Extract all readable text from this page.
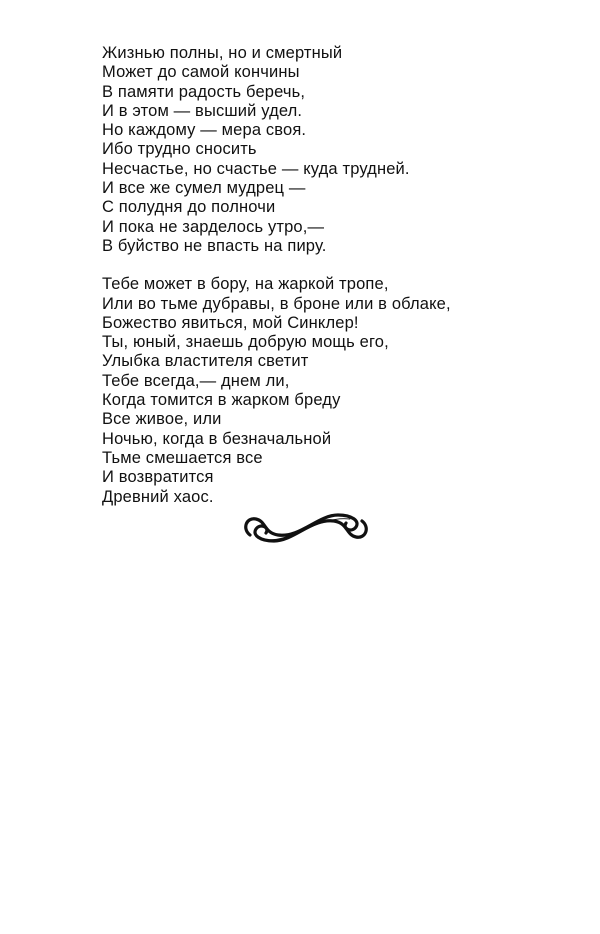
Жизнью полны, но и смертный
Может до самой кончины
В памяти радость беречь,
И в этом — высший удел.
Но каждому — мера своя.
Ибо трудно сносить
Несчастье, но счастье — куда трудней.
И все же сумел мудрец —
С полудня до полночи
И пока не зарделось утро,—
В буйство не впасть на пиру.
Тебе может в бору, на жаркой тропе,
Или во тьме дубравы, в броне или в облаке,
Божество явиться, мой Синклер!
Ты, юный, знаешь добрую мощь его,
Улыбка властителя светит
Тебе всегда,— днем ли,
Когда томится в жарком бреду
Все живое, или
Ночью, когда в безначальной
Тьме смешается все
И возвратится
Древний хаос.
